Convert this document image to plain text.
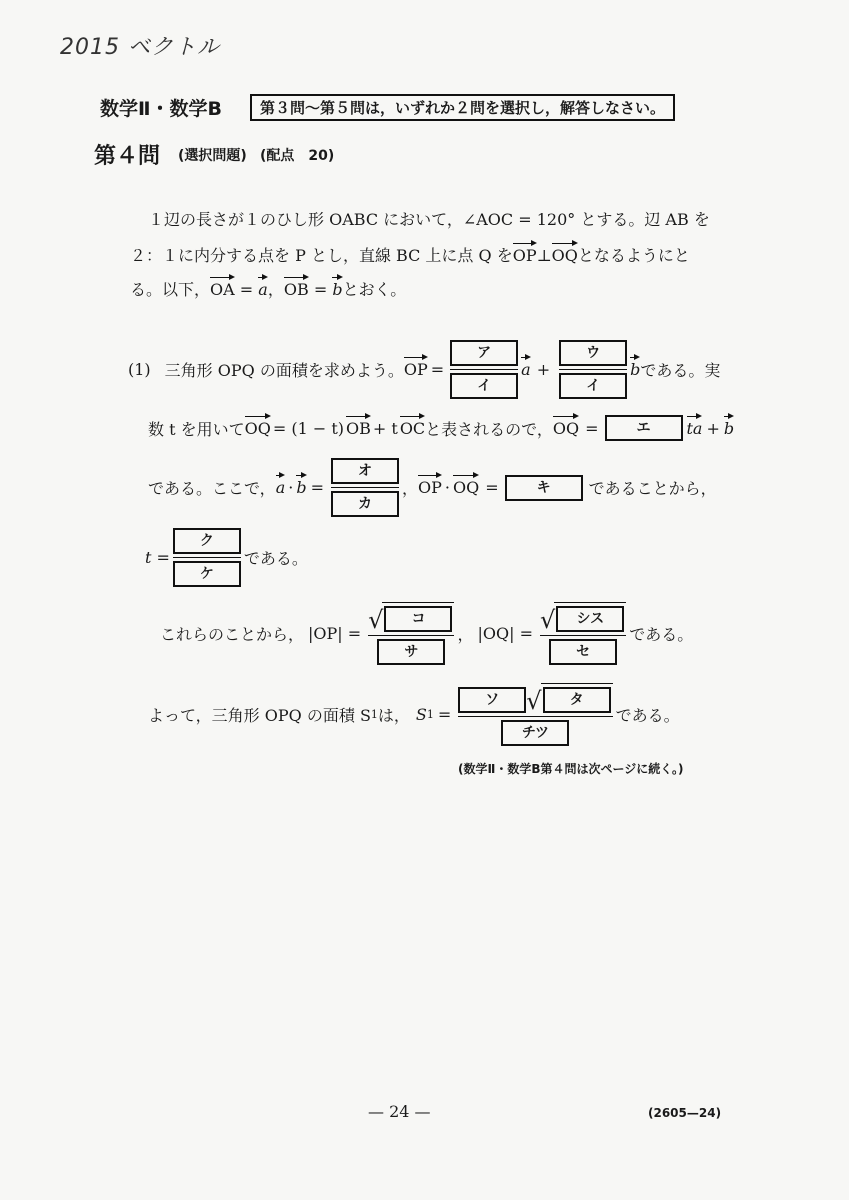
2015 ベクトル
数学Ⅱ・数学B	第３問〜第５問は，いずれか２問を選択し，解答しなさい。
第４問 (選択問題) (配点　20)
１辺の長さが１のひし形 OABC において，∠AOC = 120° とする。辺 AB を
２：１に内分する点を P とし，直線 BC 上に点 Q をOP⊥OQとなるようにと
る。以下，OA = a，OB = bとおく。
(1) 三角形 OPQ の面積を求めよう。 OP = $\frac{\text{ア}}{\text{イ}}$ $a + \frac{\text{ウ}}{\text{イ}}$ b である。実
数 t を用いて OQ = (1 − t) OB + t OC と表されるので， OQ =	エ	ta + b
である。ここで， $a \cdot b = \frac{\text{オ}}{\text{カ}}$ ， OP · OQ =	キ	であることから，
$t = \frac{\text{ク}}{\text{ケ}}$ である。
これらのことから， |OP| = √	コ
サ ， |OQ| = √	シス
セ である。
よって，三角形 OPQ の面積 S 1 は， S 1 = ソ	√	タ
チツ である。
(数学Ⅱ・数学B第４問は次ページに続く。)
— 24 —	(2605—24)
